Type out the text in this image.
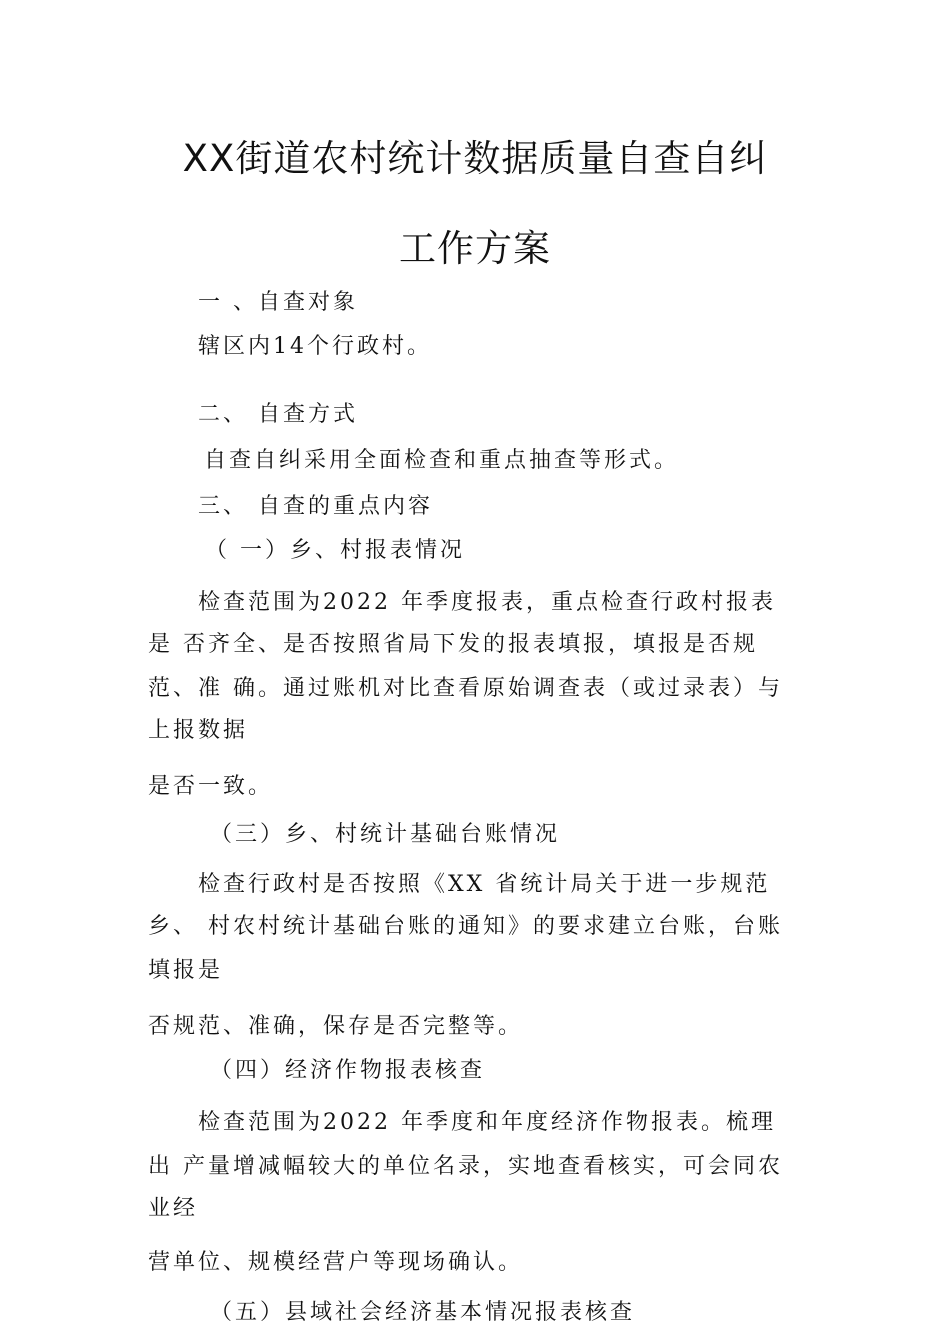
XX街道农村统计数据质量自查自纠
工作方案
一 、自查对象
辖区内14个行政村。
二、 自查方式
自查自纠采用全面检查和重点抽查等形式。
三、 自查的重点内容
（ 一）乡、村报表情况
检查范围为2022 年季度报表，重点检查行政村报表
是 否齐全、是否按照省局下发的报表填报，填报是否规
范、准 确。通过账机对比查看原始调查表（或过录表）与
上报数据
是否一致。
（三）乡、村统计基础台账情况
检查行政村是否按照《XX 省统计局关于进一步规范
乡、 村农村统计基础台账的通知》的要求建立台账，台账
填报是
否规范、准确，保存是否完整等。
（四）经济作物报表核查
检查范围为2022 年季度和年度经济作物报表。梳理
出 产量增减幅较大的单位名录，实地查看核实，可会同农
业经
营单位、规模经营户等现场确认。
（五）县域社会经济基本情况报表核查
